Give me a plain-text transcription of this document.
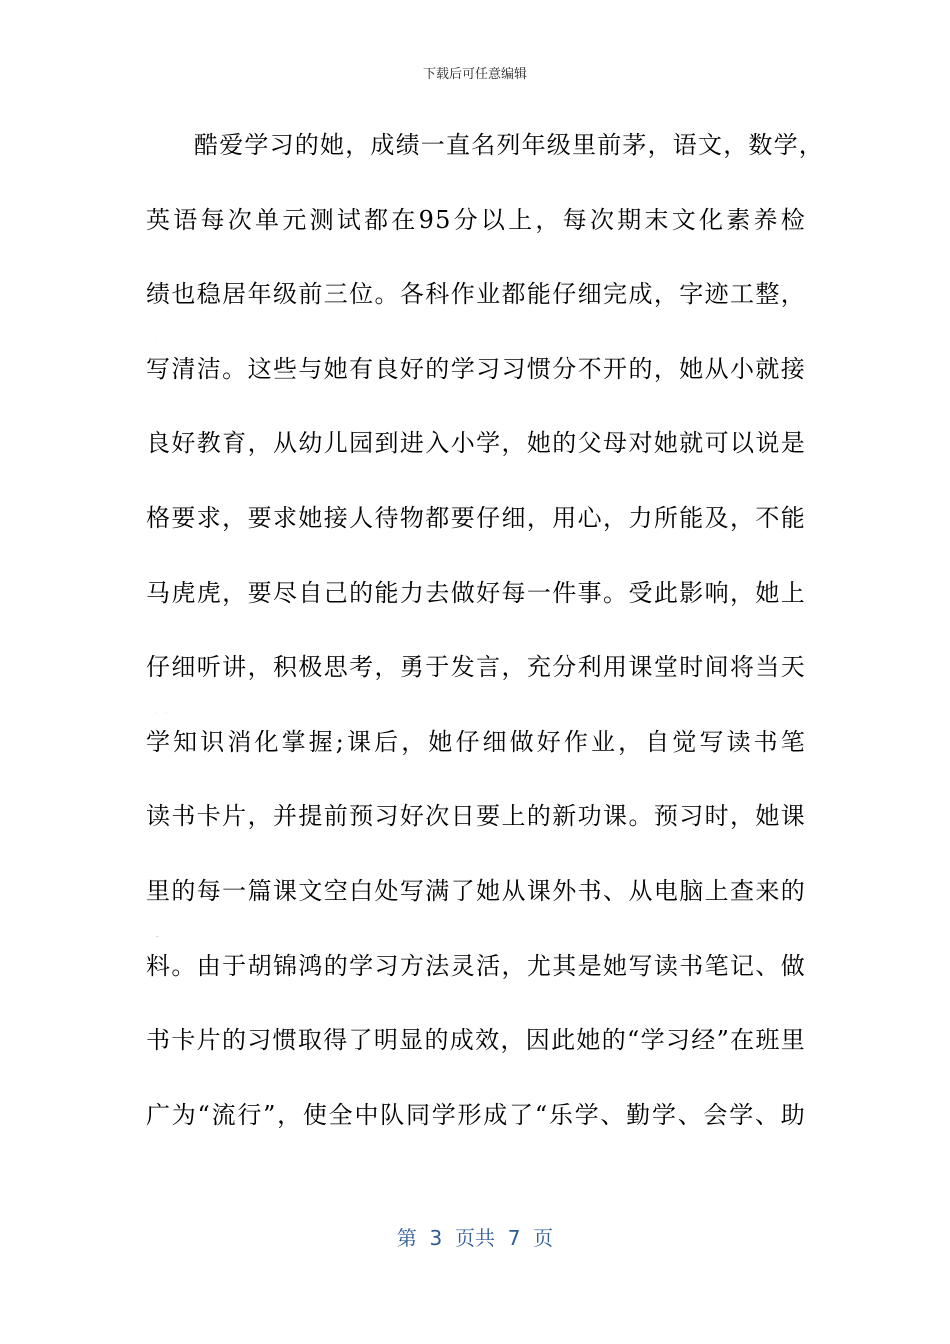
下载后可任意编辑
酷爱学习的她，成绩一直名列年级里前茅，语文，数学，
英语每次单元测试都在95分以上，每次期末文化素养检
绩也稳居年级前三位。各科作业都能仔细完成，字迹工整，
写清洁。这些与她有良好的学习习惯分不开的，她从小就接
良好教育，从幼儿园到进入小学，她的父母对她就可以说是
格要求，要求她接人待物都要仔细，用心，力所能及，不能
马虎虎，要尽自己的能力去做好每一件事。受此影响，她上
仔细听讲，积极思考，勇于发言，充分利用课堂时间将当天
学知识消化掌握;课后，她仔细做好作业，自觉写读书笔
读书卡片，并提前预习好次日要上的新功课。预习时，她课
里的每一篇课文空白处写满了她从课外书、从电脑上查来的
料。由于胡锦鸿的学习方法灵活，尤其是她写读书笔记、做
书卡片的习惯取得了明显的成效，因此她的“学习经”在班里
广为“流行”，使全中队同学形成了“乐学、勤学、会学、助
第  3  页共  7  页
